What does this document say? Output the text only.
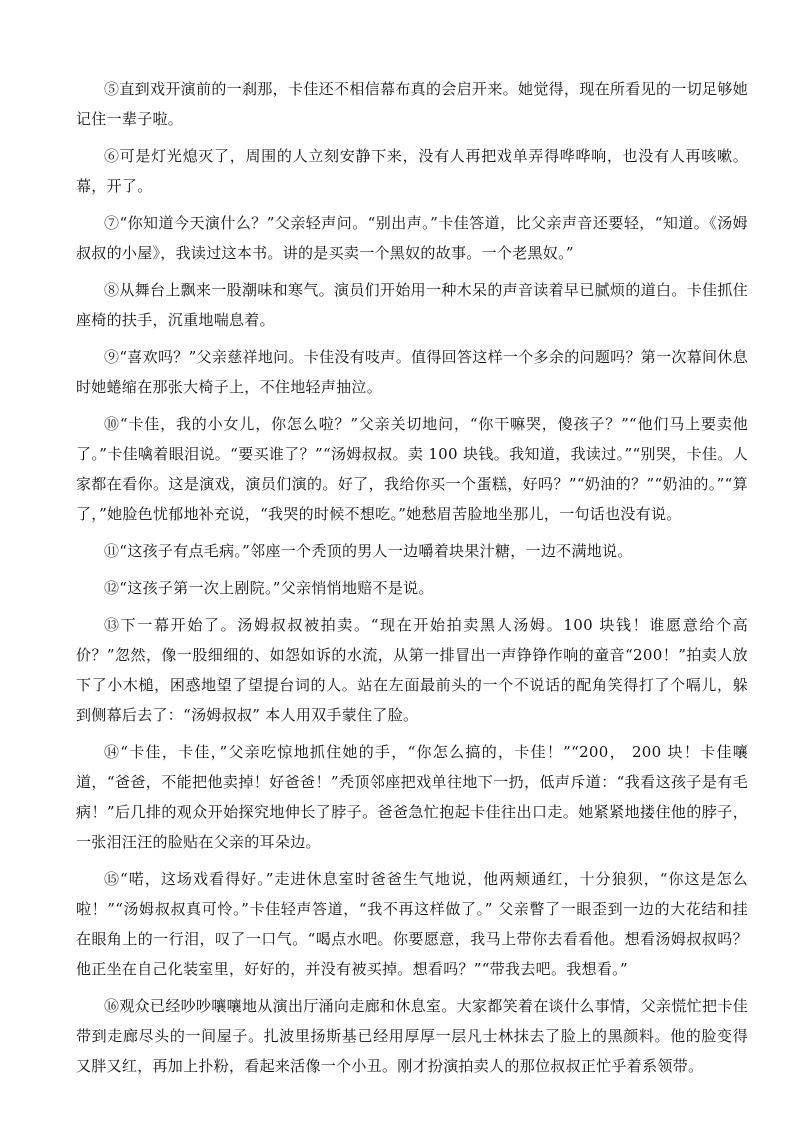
⑤直到戏开演前的一刹那，卡佳还不相信幕布真的会启开来。她觉得，现在所看见的一切足够她记住一辈子啦。

⑥可是灯光熄灭了，周围的人立刻安静下来，没有人再把戏单弄得哗哗响，也没有人再咳嗽。幕，开了。

⑦“你知道今天演什么？”父亲轻声问。“别出声。”卡佳答道，比父亲声音还要轻，“知道。《汤姆叔叔的小屋》，我读过这本书。讲的是买卖一个黑奴的故事。一个老黑奴。”

⑧从舞台上飘来一股潮味和寒气。演员们开始用一种木呆的声音读着早已腻烦的道白。卡佳抓住座椅的扶手，沉重地喘息着。

⑨“喜欢吗？”父亲慈祥地问。卡佳没有吱声。值得回答这样一个多余的问题吗？第一次幕间休息时她蜷缩在那张大椅子上，不住地轻声抽泣。

⑩“卡佳，我的小女儿，你怎么啦？”父亲关切地问，“你干嘛哭，傻孩子？”“他们马上要卖他了。”卡佳噙着眼泪说。“要买谁了？”“汤姆叔叔。卖 100 块钱。我知道，我读过。”“别哭，卡佳。人家都在看你。这是演戏，演员们演的。好了，我给你买一个蛋糕，好吗？”“奶油的？”“奶油的。”“算了，”她脸色忧郁地补充说，“我哭的时候不想吃。”她愁眉苦脸地坐那儿，一句话也没有说。

⑪“这孩子有点毛病。”邻座一个秃顶的男人一边嚼着块果汁糖，一边不满地说。

⑫“这孩子第一次上剧院。”父亲悄悄地赔不是说。

⑬下一幕开始了。汤姆叔叔被拍卖。“现在开始拍卖黑人汤姆。100 块钱！谁愿意给个高价？”忽然，像一股细细的、如怨如诉的水流，从第一排冒出一声铮铮作响的童音“200！”拍卖人放下了小木槌，困惑地望了望提台词的人。站在左面最前头的一个不说话的配角笑得打了个嗝儿，躲到侧幕后去了：“汤姆叔叔” 本人用双手蒙住了脸。

⑭“卡佳，卡佳，”父亲吃惊地抓住她的手，“你怎么搞的，卡佳！”“200， 200 块！卡佳嚷道，“爸爸，不能把他卖掉！好爸爸！”秃顶邻座把戏单往地下一扔，低声斥道：“我看这孩子是有毛病！”后几排的观众开始探究地伸长了脖子。爸爸急忙抱起卡佳往出口走。她紧紧地搂住他的脖子，一张泪汪汪的脸贴在父亲的耳朵边。

⑮“喏，这场戏看得好。”走进休息室时爸爸生气地说，他两颊通红，十分狼狈，“你这是怎么啦！”“汤姆叔叔真可怜。”卡佳轻声答道，“我不再这样做了。” 父亲瞥了一眼歪到一边的大花结和挂在眼角上的一行泪，叹了一口气。“喝点水吧。你要愿意，我马上带你去看看他。想看汤姆叔叔吗？他正坐在自己化装室里，好好的，并没有被买掉。想看吗？”“带我去吧。我想看。”

⑯观众已经吵吵嚷嚷地从演出厅涌向走廊和休息室。大家都笑着在谈什么事情，父亲慌忙把卡佳带到走廊尽头的一间屋子。扎波里扬斯基已经用厚厚一层凡士林抹去了脸上的黑颜料。他的脸变得又胖又红，再加上扑粉，看起来活像一个小丑。刚才扮演拍卖人的那位叔叔正忙乎着系领带。
